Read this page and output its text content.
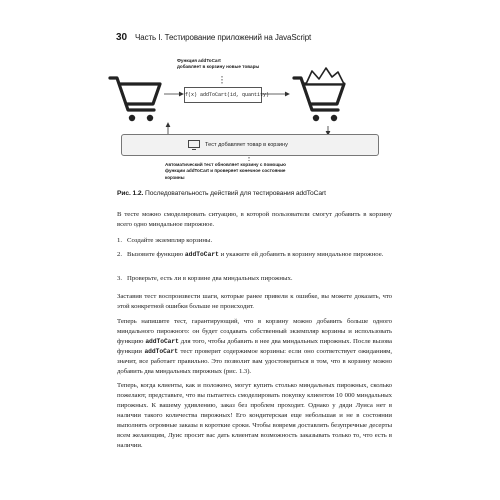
30 Часть I. Тестирование приложений на JavaScript
Функция addToCart
добавляет в корзину новые товары
f(x) addToCart(id, quantity)
Тест добавляет товар в корзину
Автоматический тест обновляет корзину с помощью
функции addToCart и проверяет конечное состояние корзины
Рис. 1.2. Последовательность действий для тестирования addToCart

В тесте можно смоделировать ситуацию, в которой пользователи смогут добавить в корзину всего одно миндальное пирожное.

1. Создайте экземпляр корзины.
2. Вызовите функцию addToCart и укажите ей добавить в корзину миндальное пирожное.
3. Проверьте, есть ли в корзине два миндальных пирожных.

Заставив тест воспроизвести шаги, которые ранее привели к ошибке, вы можете доказать, что этой конкретной ошибки больше не происходит.

Теперь напишите тест, гарантирующий, что в корзину можно добавить больше одного миндального пирожного: он будет создавать собственный экземпляр корзины и использовать функцию addToCart для того, чтобы добавить в нее два миндальных пирожных. После вызова функции addToCart тест проверит содержимое корзины: если оно соответствует ожиданиям, значит, все работает правильно. Это позволит вам удостовериться в том, что в корзину можно добавить два миндальных пирожных (рис. 1.3).

Теперь, когда клиенты, как и положено, могут купить столько миндальных пирожных, сколько пожелают, представьте, что вы пытаетесь смоделировать покупку клиентом 10 000 миндальных пирожных. К вашему удивлению, заказ без проблем проходит. Однако у дяди Луиса нет в наличии такого количества пирожных! Его кондитерская еще небольшая и не в состоянии выполнять огромные заказы в короткие сроки. Чтобы вовремя доставлять безупречные десерты всем желающим, Луис просит вас дать клиентам возможность заказывать только то, что есть в наличии.
